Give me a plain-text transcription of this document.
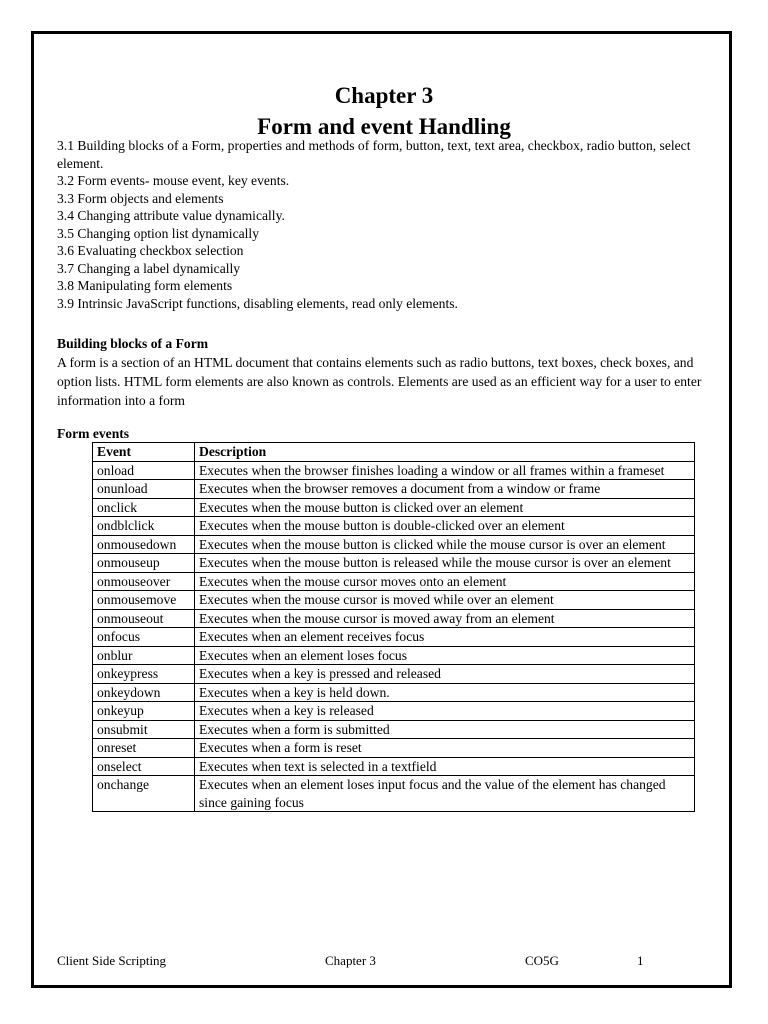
Chapter 3
Form and event Handling
3.1 Building blocks of a Form, properties and methods of form, button, text, text area, checkbox, radio button, select element.
3.2 Form events- mouse event, key events.
3.3 Form objects and elements
3.4 Changing attribute value dynamically.
3.5 Changing option list dynamically
3.6 Evaluating checkbox selection
3.7 Changing a label dynamically
3.8 Manipulating form elements
3.9 Intrinsic JavaScript functions, disabling elements, read only elements.
Building blocks of a Form
A form is a section of an HTML document that contains elements such as radio buttons, text boxes, check boxes, and option lists. HTML form elements are also known as controls. Elements are used as an efficient way for a user to enter information into a form
Form events
Event	Description
onload	Executes when the browser finishes loading a window or all frames within a frameset
onunload	Executes when the browser removes a document from a window or frame
onclick	Executes when the mouse button is clicked over an element
ondblclick	Executes when the mouse button is double-clicked over an element
onmousedown	Executes when the mouse button is clicked while the mouse cursor is over an element
onmouseup	Executes when the mouse button is released while the mouse cursor is over an element
onmouseover	Executes when the mouse cursor moves onto an element
onmousemove	Executes when the mouse cursor is moved while over an element
onmouseout	Executes when the mouse cursor is moved away from an element
onfocus	Executes when an element receives focus
onblur	Executes when an element loses focus
onkeypress	Executes when a key is pressed and released
onkeydown	Executes when a key is held down.
onkeyup	Executes when a key is released
onsubmit	Executes when a form is submitted
onreset	Executes when a form is reset
onselect	Executes when text is selected in a textfield
onchange	Executes when an element loses input focus and the value of the element has changed since gaining focus
Client Side Scripting	Chapter 3	CO5G	1
